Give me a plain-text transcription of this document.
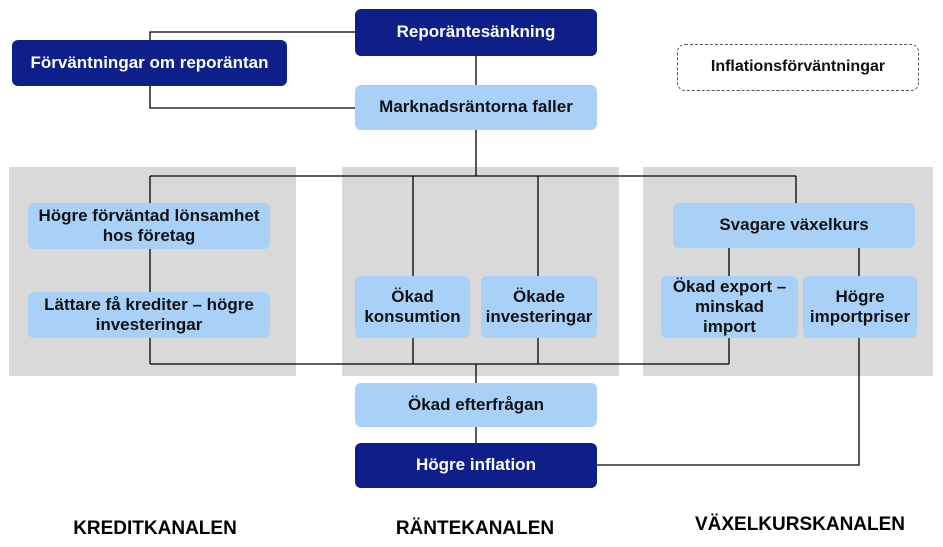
Reporäntesänkning
Förväntningar om reporäntan	Inflationsförväntningar
Marknadsräntorna faller
Högre förväntad lönsamhet hos företag
Lättare få krediter – högre investeringar
Ökad konsumtion
Ökade investeringar
Svagare växelkurs
Ökad export – minskad import
Högre importpriser
Ökad efterfrågan
Högre inflation
KREDITKANALEN	RÄNTEKANALEN	VÄXELKURSKANALEN
